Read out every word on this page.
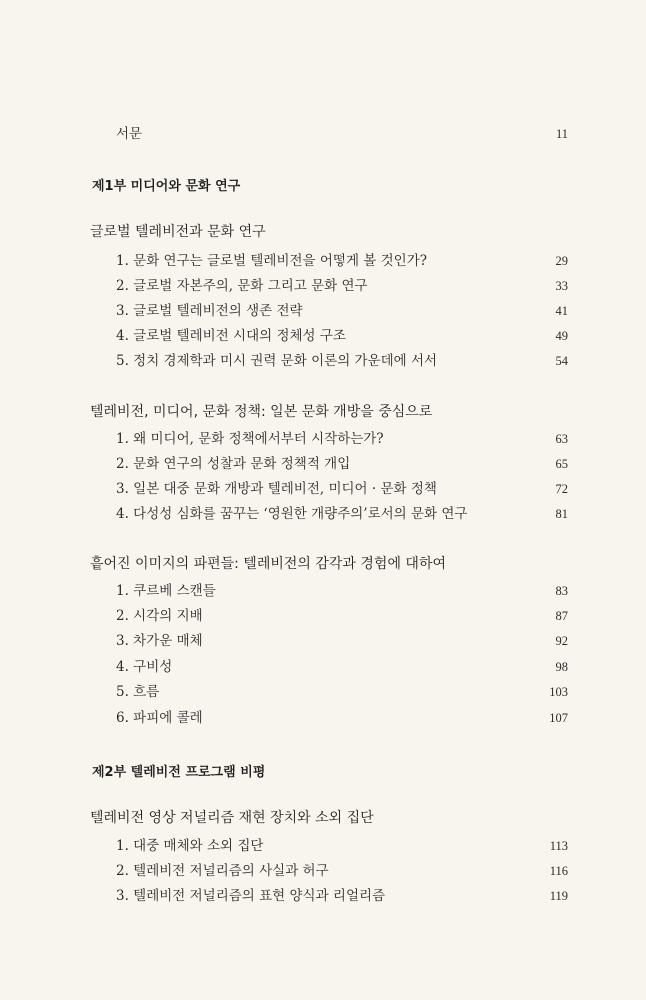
서문	11
제1부 미디어와 문화 연구
글로벌 텔레비전과 문화 연구
1. 문화 연구는 글로벌 텔레비전을 어떻게 볼 것인가?	29
2. 글로벌 자본주의, 문화 그리고 문화 연구	33
3. 글로벌 텔레비전의 생존 전략	41
4. 글로벌 텔레비전 시대의 정체성 구조	49
5. 정치 경제학과 미시 권력 문화 이론의 가운데에 서서	54
텔레비전, 미디어, 문화 정책: 일본 문화 개방을 중심으로
1. 왜 미디어, 문화 정책에서부터 시작하는가?	63
2. 문화 연구의 성찰과 문화 정책적 개입	65
3. 일본 대중 문화 개방과 텔레비전, 미디어 · 문화 정책	72
4. 다성성 심화를 꿈꾸는 ‘영원한 개량주의’로서의 문화 연구	81
흩어진 이미지의 파편들: 텔레비전의 감각과 경험에 대하여
1. 쿠르베 스캔들	83
2. 시각의 지배	87
3. 차가운 매체	92
4. 구비성	98
5. 흐름	103
6. 파피에 콜레	107
제2부 텔레비전 프로그램 비평
텔레비전 영상 저널리즘 재현 장치와 소외 집단
1. 대중 매체와 소외 집단	113
2. 텔레비전 저널리즘의 사실과 허구	116
3. 텔레비전 저널리즘의 표현 양식과 리얼리즘	119
